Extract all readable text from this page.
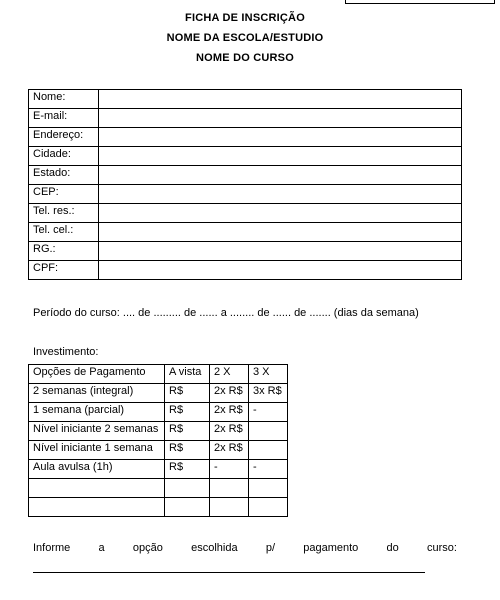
FICHA DE INSCRIÇÃO
NOME DA ESCOLA/ESTUDIO
NOME DO CURSO
Nome:	
E-mail:	
Endereço:	
Cidade:	
Estado:	
CEP:	
Tel. res.:	
Tel. cel.:	
RG.:	
CPF:	
Período do curso: .... de ......... de ...... a ........ de ...... de ....... (dias da semana)
Investimento:
Opções de Pagamento	A vista	2 X	3 X
2 semanas (integral)	R$	2x R$	3x R$
1 semana (parcial)	R$	2x R$	-
Nível iniciante 2 semanas	R$	2x R$	
Nível iniciante 1 semana	R$	2x R$	
Aula avulsa (1h)	R$	-	-

Informe	a	opção	escolhida	p/	pagamento	do	curso:
